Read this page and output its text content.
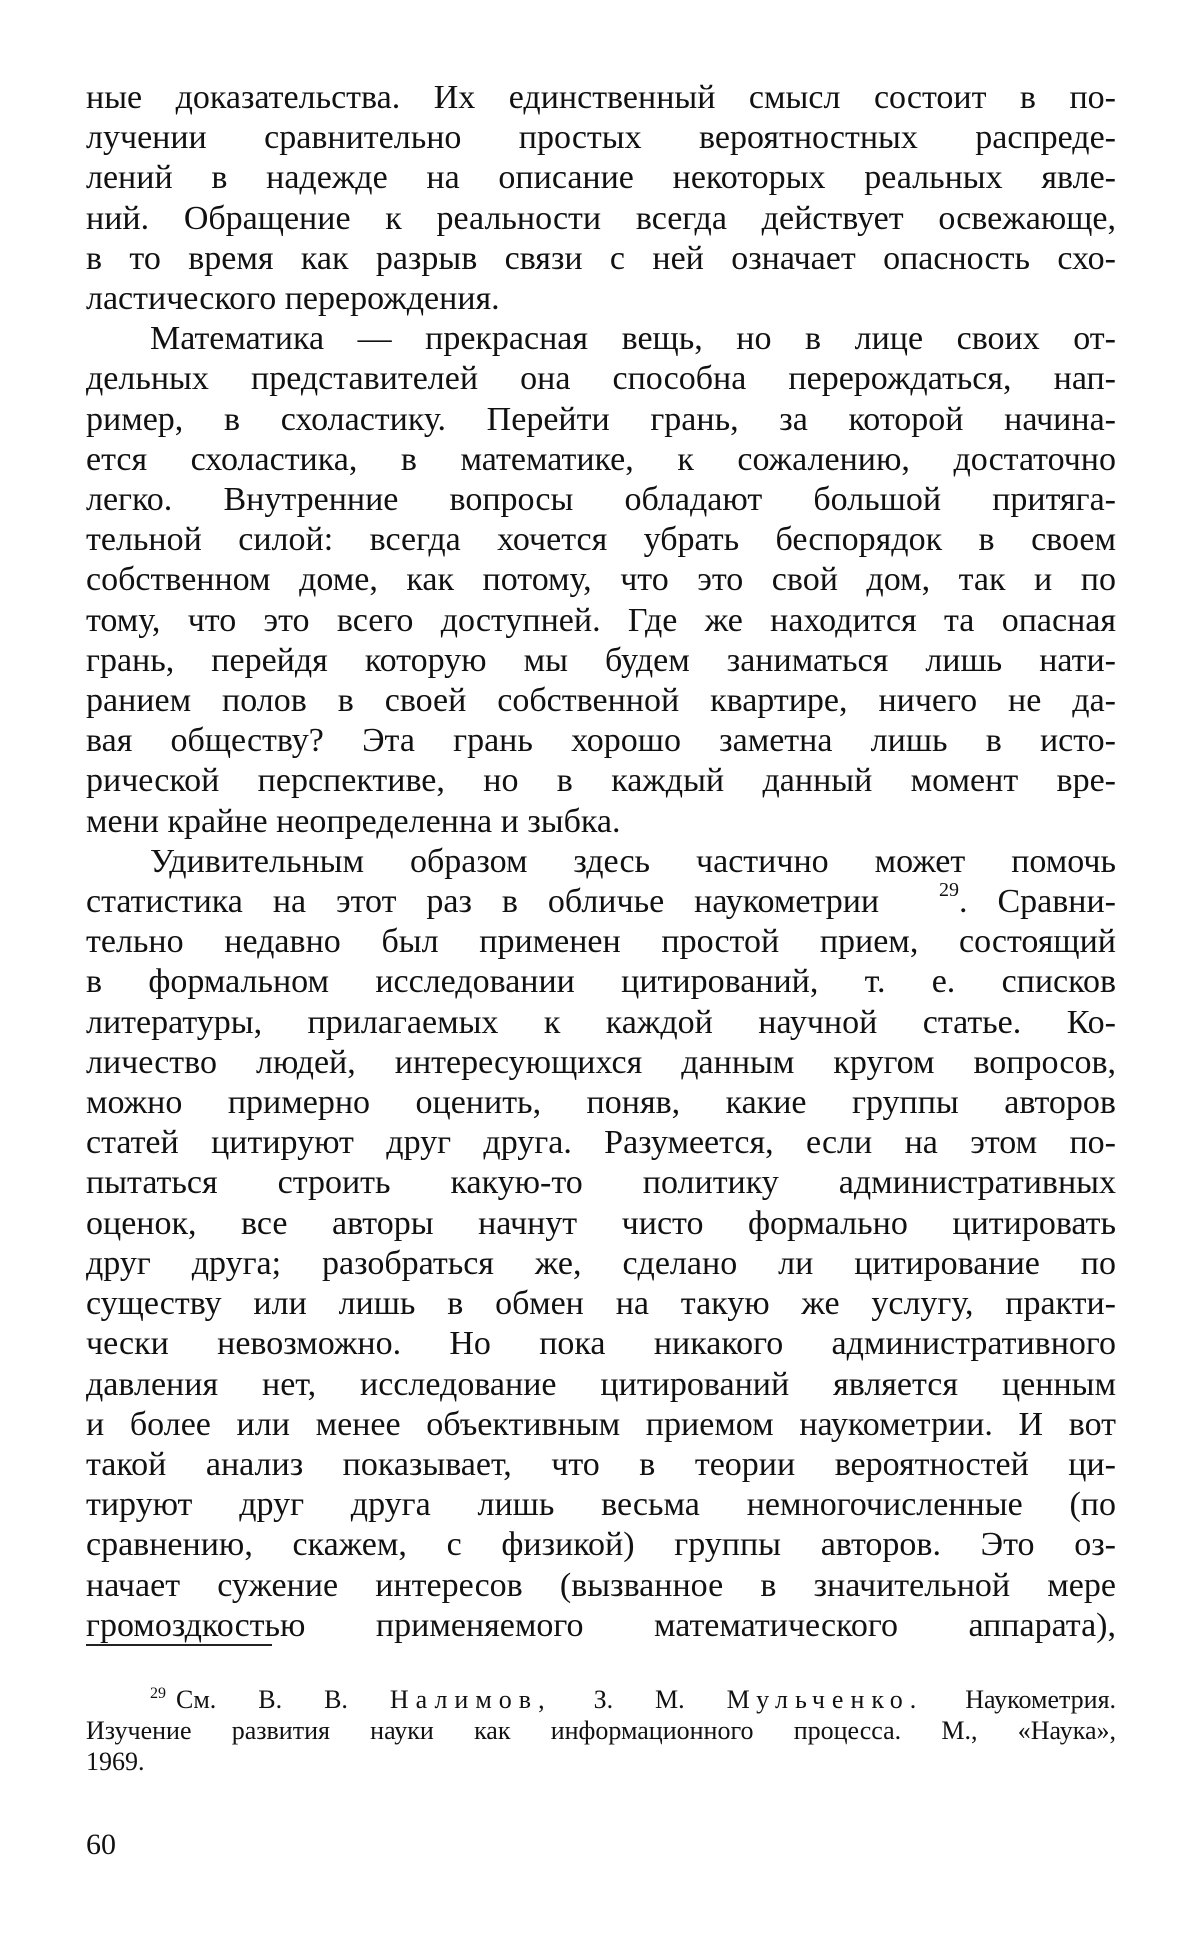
ные доказательства. Их единственный смысл состоит в по-
лучении сравнительно простых вероятностных распреде-
лений в надежде на описание некоторых реальных явле-
ний. Обращение к реальности всегда действует освежающе,
в то время как разрыв связи с ней означает опасность схо-
ластического перерождения.

Математика — прекрасная вещь, но в лице своих от-
дельных представителей она способна перерождаться, нап-
ример, в схоластику. Перейти грань, за которой начина-
ется схоластика, в математике, к сожалению, достаточно
легко. Внутренние вопросы обладают большой притяга-
тельной силой: всегда хочется убрать беспорядок в своем
собственном доме, как потому, что это свой дом, так и по
тому, что это всего доступней. Где же находится та опасная
грань, перейдя которую мы будем заниматься лишь нати-
ранием полов в своей собственной квартире, ничего не да-
вая обществу? Эта грань хорошо заметна лишь в исто-
рической перспективе, но в каждый данный момент вре-
мени крайне неопределенна и зыбка.

Удивительным образом здесь частично может помочь
статистика на этот раз в обличье наукометрии	$^{29}$. Сравни-
тельно недавно был применен простой прием, состоящий
в формальном исследовании цитирований, т. е. списков
литературы, прилагаемых к каждой научной статье. Ко-
личество людей, интересующихся данным кругом вопросов,
можно примерно оценить, поняв, какие группы авторов
статей цитируют друг друга. Разумеется, если на этом по-
пытаться строить какую-то политику административных
оценок, все авторы начнут чисто формально цитировать
друг друга; разобраться же, сделано ли цитирование по
существу или лишь в обмен на такую же услугу, практи-
чески невозможно. Но пока никакого административного
давления нет, исследование цитирований является ценным
и более или менее объективным приемом наукометрии. И вот
такой анализ показывает, что в теории вероятностей ци-
тируют друг друга лишь весьма немногочисленные (по
сравнению, скажем, с физикой) группы авторов. Это оз-
начает сужение интересов (вызванное в значительной мере
громоздкостью применяемого математического аппарата),

$^{29}$ См. В. В. Налимов, З. М. Мульченко. Наукометрия.
Изучение развития науки как информационного процесса. М., «Наука»,
1969.
60
